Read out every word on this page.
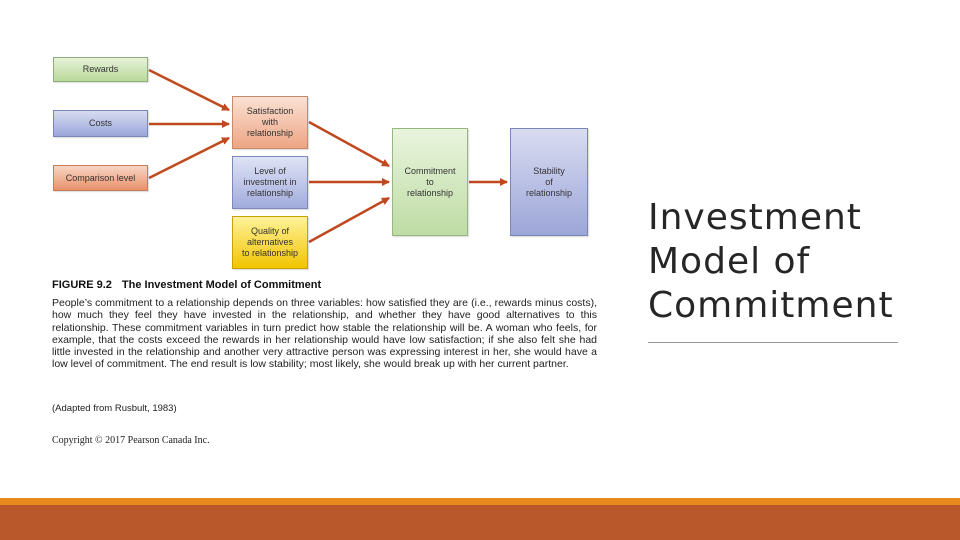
Rewards
Costs
Comparison level
Satisfaction
with
relationship
Level of
investment in
relationship
Quality of
alternatives
to relationship
Commitment
to
relationship
Stability
of
relationship

FIGURE 9.2 The Investment Model of Commitment

People’s commitment to a relationship depends on three variables: how satisfied they are (i.e., rewards minus costs), how much they feel they have invested in the relationship, and whether they have good alternatives to this relationship. These commitment variables in turn predict how stable the relationship will be. A woman who feels, for example, that the costs exceed the rewards in her relationship would have low satisfaction; if she also felt she had little invested in the relationship and another very attractive person was expressing interest in her, she would have a low level of commitment. The end result is low stability; most likely, she would break up with her current partner.

(Adapted from Rusbult, 1983)

Copyright © 2017 Pearson Canada Inc.

Investment Model of Commitment
